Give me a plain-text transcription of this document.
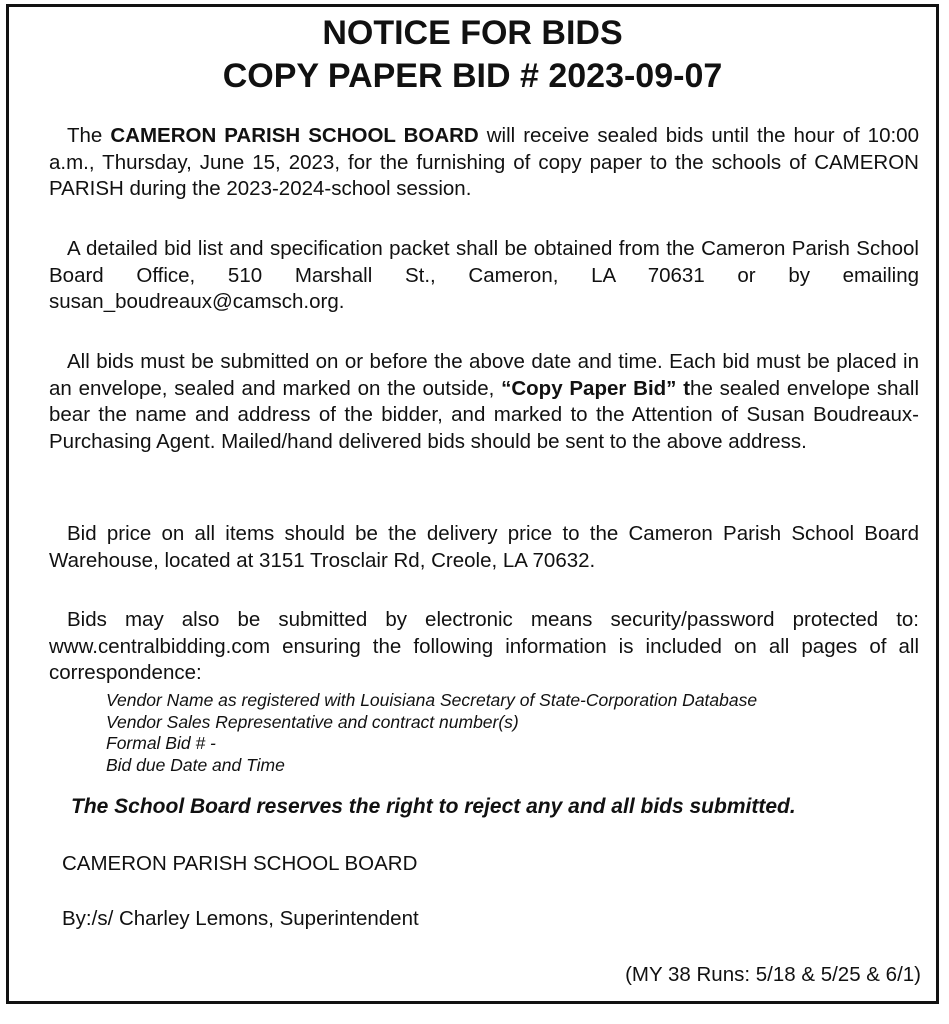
NOTICE FOR BIDS
COPY PAPER BID # 2023-09-07

The CAMERON PARISH SCHOOL BOARD will receive sealed bids until the hour of 10:00 a.m., Thursday, June 15, 2023, for the furnishing of copy paper to the schools of CAMERON PARISH during the 2023-2024-school session.

A detailed bid list and specification packet shall be obtained from the Cameron Parish School Board Office, 510 Marshall St., Cameron, LA 70631 or by emailing susan_boudreaux@camsch.org.

All bids must be submitted on or before the above date and time. Each bid must be placed in an envelope, sealed and marked on the outside, “Copy Paper Bid” the sealed envelope shall bear the name and address of the bidder, and marked to the Attention of Susan Boudreaux-Purchasing Agent. Mailed/hand delivered bids should be sent to the above address.

Bid price on all items should be the delivery price to the Cameron Parish School Board Warehouse, located at 3151 Trosclair Rd, Creole, LA 70632.

Bids may also be submitted by electronic means security/password protected to: www.centralbidding.com ensuring the following information is included on all pages of all correspondence:

Vendor Name as registered with Louisiana Secretary of State-Corporation Database
Vendor Sales Representative and contract number(s)
Formal Bid # -
Bid due Date and Time

The School Board reserves the right to reject any and all bids submitted.

CAMERON PARISH SCHOOL BOARD

By:/s/ Charley Lemons, Superintendent

(MY 38 Runs: 5/18 & 5/25 & 6/1)
